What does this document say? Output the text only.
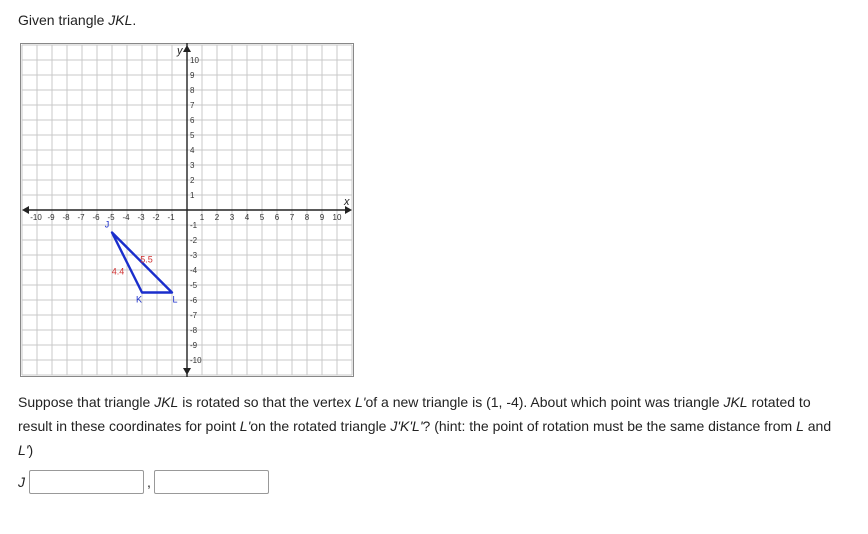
Given triangle JKL.
-10 -9 -8 -7 -6 -5 -4 -3 -2 -1	1 2 3 4 5 6 7 8 9 10
10
9
8
7
6
5
4
3
2
1
-1
-2
-3
-4
-5
-6
-7
-8
-9
-10
x
y
J
K	L
5.5
4.4
Suppose that triangle JKL is rotated so that the vertex L'of a new triangle is (1, -4). About which point was triangle JKL rotated to result in these coordinates for point L'on the rotated triangle J'K'L'? (hint: the point of rotation must be the same distance from L and L')
J	,
